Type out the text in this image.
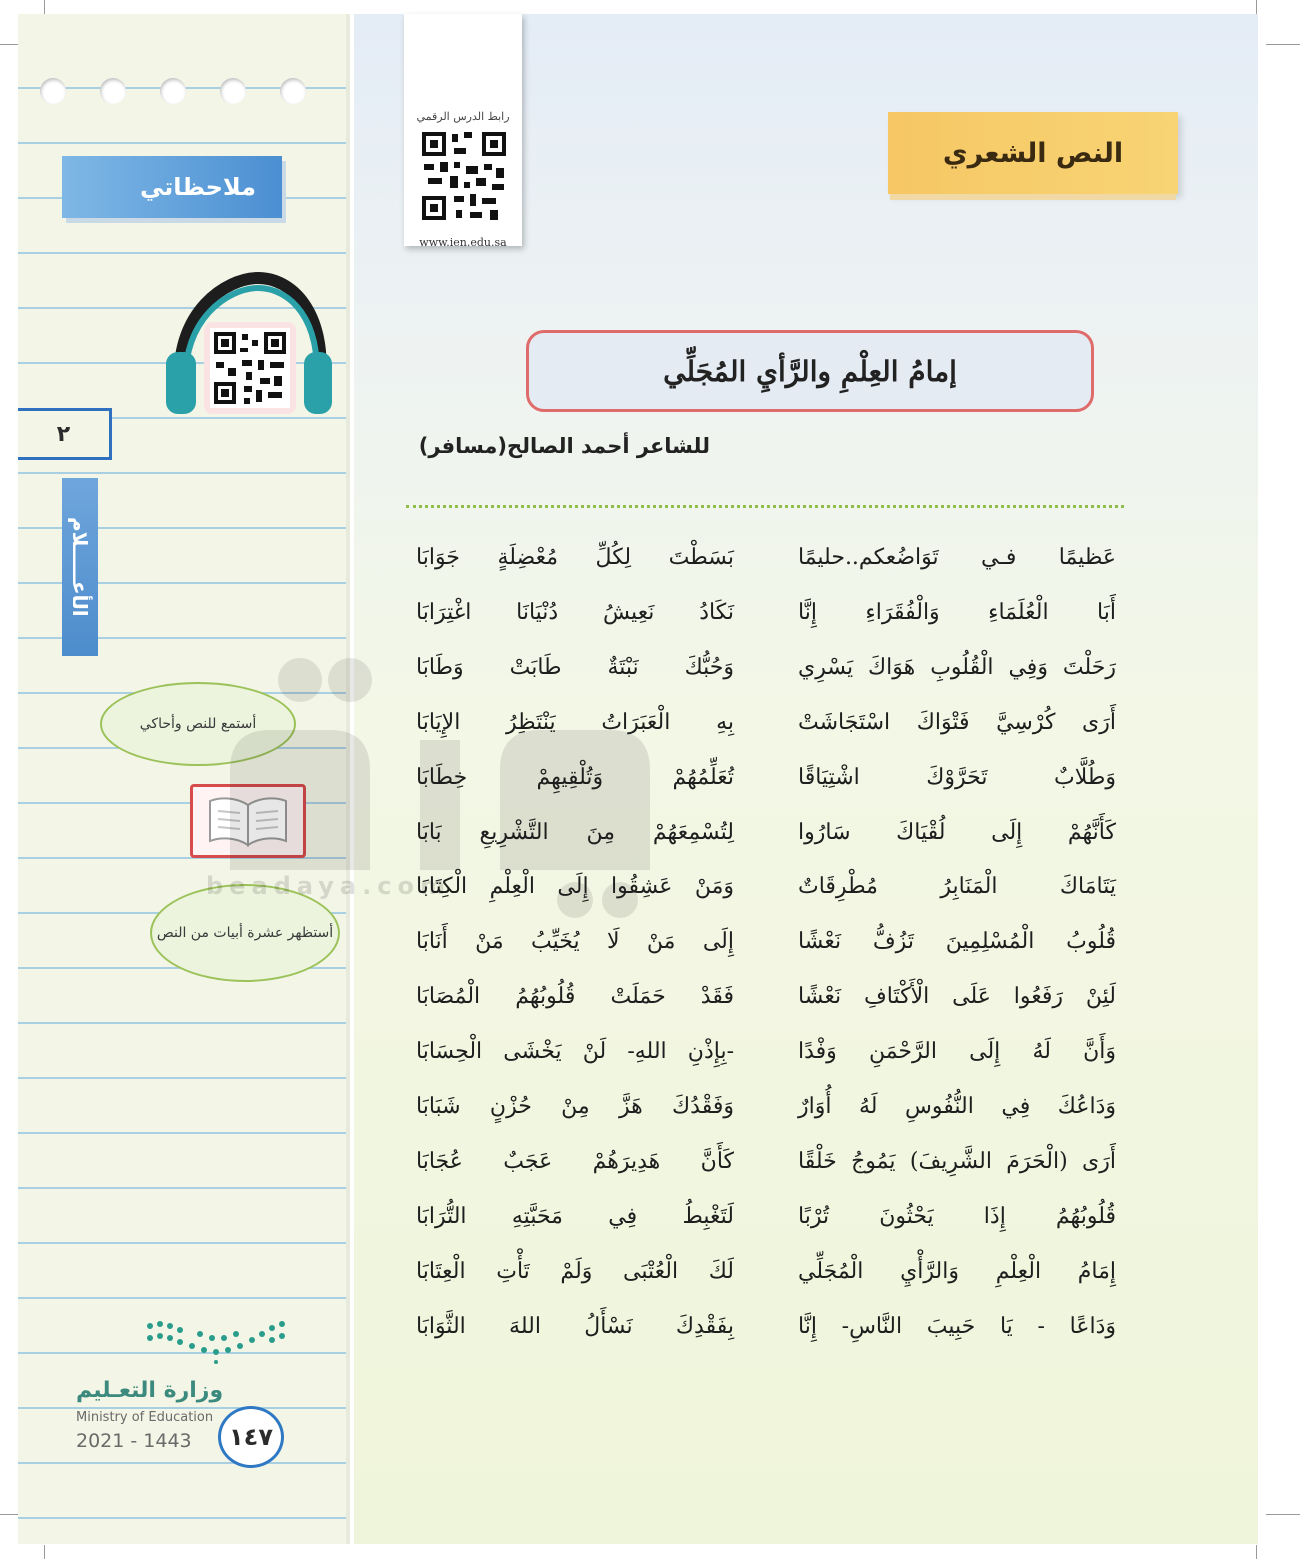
ملاحظاتي
٢
الأعـــــلام
أستمع للنص وأحاكي
أستظهر عشرة أبيات من النص
وزارة التعـليم
Ministry of Education
2021 - 1443	١٤٧
رابط الدرس الرقمي
www.ien.edu.sa
النص الشعري
إمامُ العِلْمِ والرَّأيِ المُجَلِّي
للشاعر أحمد الصالح(مسافر)
beadaya.com
عَظيمًا فـي تَوَاضُعكم..حليمًا
بَسَطْتَ لِكُلِّ مُعْضِلَةٍ جَوَابَا
أَبَا الْعُلَمَاءِ وَالْفُقَرَاءِ إِنَّا
نَكَادُ نَعِيشُ دُنْيَانَا اغْتِرَابَا
رَحَلْتَ وَفِي الْقُلُوبِ هَوَاكَ يَسْرِي
وَحُبُّكَ نَبْتَةٌ طَابَتْ وَطَابَا
أَرَى كُرْسِيَّ فَتْوَاكَ اسْتَجَاشَتْ
بِهِ الْعَبَرَاتُ يَنْتَظِرُ الإِيَابَا
وَطُلَّابٌ تَحَرَّوْكَ اشْتِيَاقًا
تُعَلِّمُهُمْ وَتُلْقِيهِمْ خِطَابَا
كَأَنَّهُمْ إِلَى لُقْيَاكَ سَارُوا
لِتُسْمِعَهُمْ مِنَ التَّشْرِيعِ بَابَا
يَتَامَاكَ الْمَنَابِرُ مُطْرِقَاتٌ
وَمَنْ عَشِقُوا إِلَى الْعِلْمِ الْكِتَابَا
قُلُوبُ الْمُسْلِمِينَ تَزُفُّ نَعْشًا
إِلَى مَنْ لَا يُخَيِّبُ مَنْ أَنَابَا
لَئِنْ رَفَعُوا عَلَى الْأَكْتَافِ نَعْشًا
فَقَدْ حَمَلَتْ قُلُوبُهُمُ الْمُصَابَا
وَأَنَّ لَهُ إِلَى الرَّحْمَنِ وَفْدًا
-بِإِذْنِ اللهِ- لَنْ يَخْشَى الْحِسَابَا
وَدَاعُكَ فِي النُّفُوسِ لَهُ أُوَارٌ
وَفَقْدُكَ هَزَّ مِنْ حُزْنٍ شَبَابَا
أَرَى (الْحَرَمَ الشَّرِيفَ) يَمُوجُ خَلْقًا
كَأَنَّ هَدِيرَهُمْ عَجَبٌ عُجَابَا
قُلُوبُهُمُ إِذَا يَحْثُونَ تُرْبًا
لَتَغْبِطُ فِي مَحَبَّتِهِ التُّرَابَا
إِمَامُ الْعِلْمِ وَالرَّأْيِ الْمُجَلِّي
لَكَ الْعُتْبَى وَلَمْ تَأْتِ الْعِتَابَا
وَدَاعًا - يَا حَبِيبَ النَّاسِ- إِنَّا
بِفَقْدِكَ نَسْأَلُ اللهَ الثَّوَابَا
